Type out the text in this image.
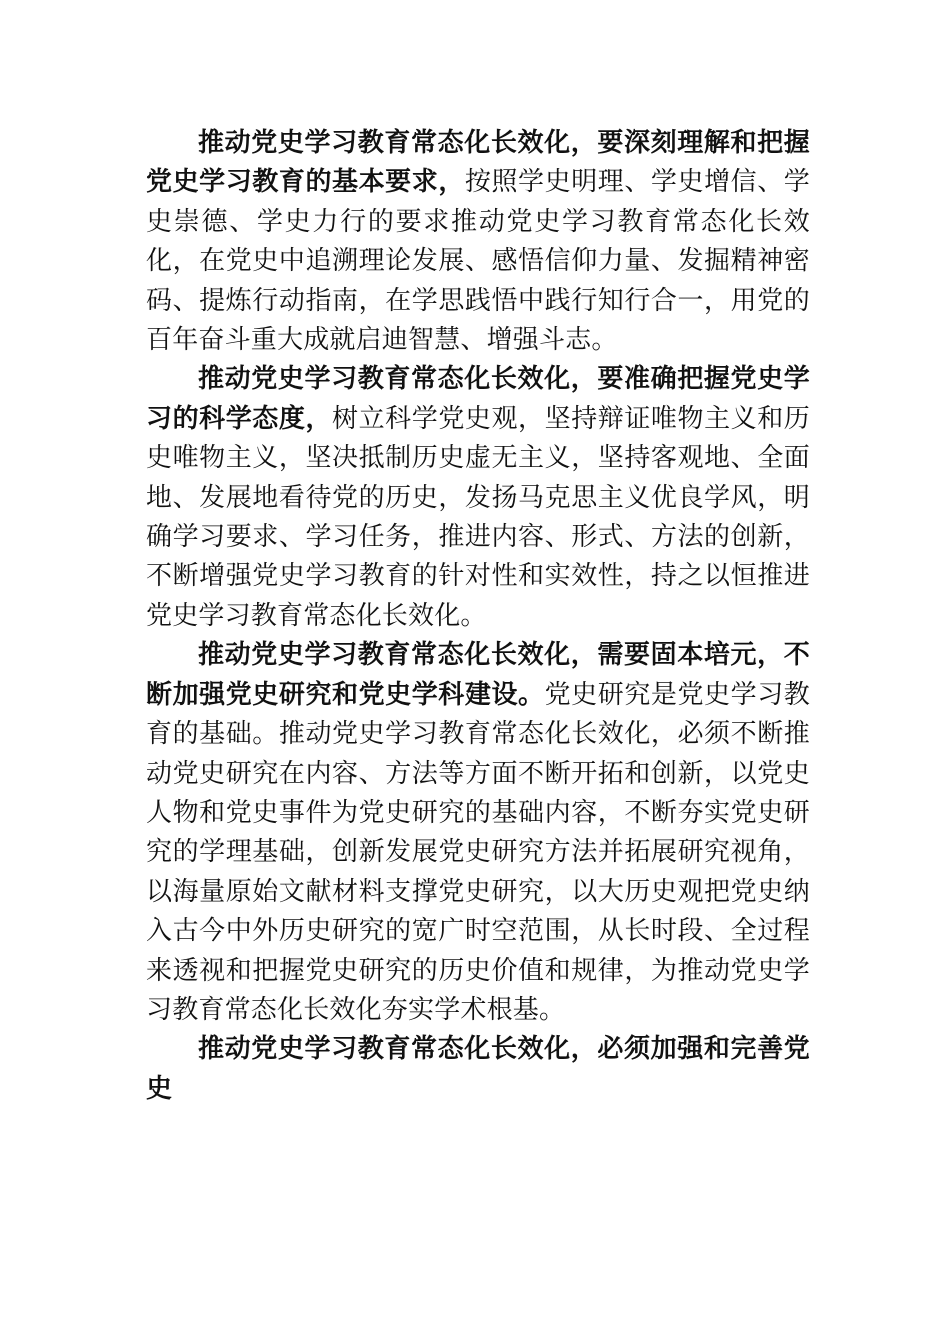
推动党史学习教育常态化长效化，要深刻理解和把握党史学习教育的基本要求，按照学史明理、学史增信、学史崇德、学史力行的要求推动党史学习教育常态化长效化，在党史中追溯理论发展、感悟信仰力量、发掘精神密码、提炼行动指南，在学思践悟中践行知行合一，用党的百年奋斗重大成就启迪智慧、增强斗志。

推动党史学习教育常态化长效化，要准确把握党史学习的科学态度，树立科学党史观，坚持辩证唯物主义和历史唯物主义，坚决抵制历史虚无主义，坚持客观地、全面地、发展地看待党的历史，发扬马克思主义优良学风，明确学习要求、学习任务，推进内容、形式、方法的创新，不断增强党史学习教育的针对性和实效性，持之以恒推进党史学习教育常态化长效化。

推动党史学习教育常态化长效化，需要固本培元，不断加强党史研究和党史学科建设。党史研究是党史学习教育的基础。推动党史学习教育常态化长效化，必须不断推动党史研究在内容、方法等方面不断开拓和创新，以党史人物和党史事件为党史研究的基础内容，不断夯实党史研究的学理基础，创新发展党史研究方法并拓展研究视角，以海量原始文献材料支撑党史研究，以大历史观把党史纳入古今中外历史研究的宽广时空范围，从长时段、全过程来透视和把握党史研究的历史价值和规律，为推动党史学习教育常态化长效化夯实学术根基。

推动党史学习教育常态化长效化，必须加强和完善党史
